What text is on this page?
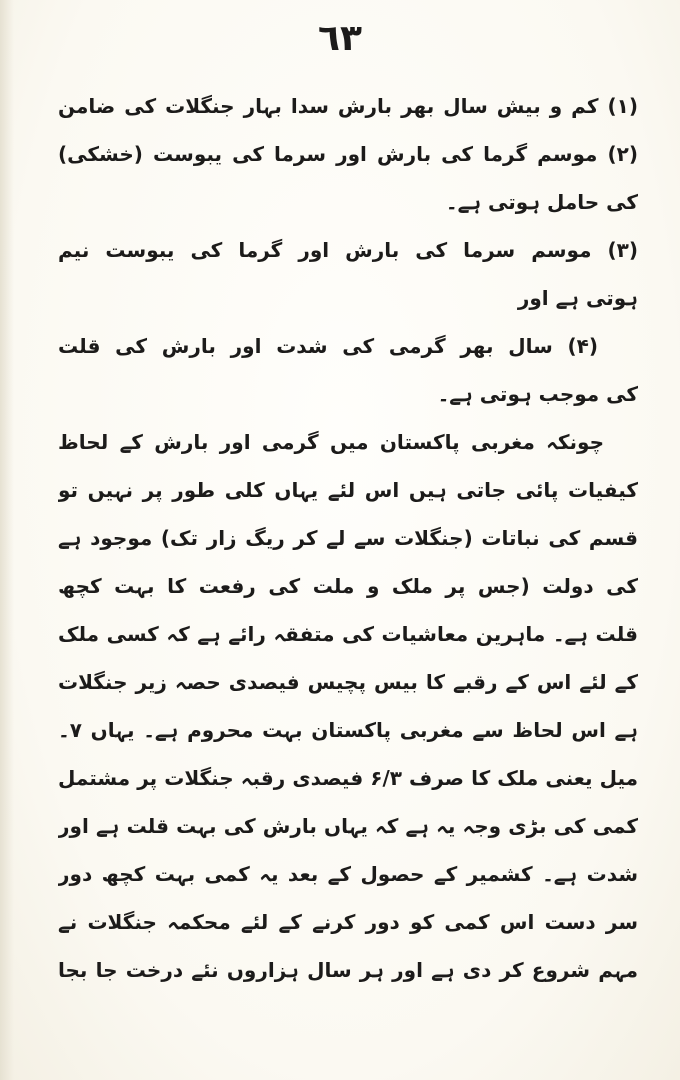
٦٣
(۱) کم و بیش سال بھر بارش سدا بہار جنگلات کی ضامن
(۲) موسم گرما کی بارش اور سرما کی یبوست (خشکی)
کی حامل ہوتی ہے۔
(۳) موسم سرما کی بارش اور گرما کی یبوست نیم
ہوتی ہے اور
(۴) سال بھر گرمی کی شدت اور بارش کی قلت
کی موجب ہوتی ہے۔
چونکہ مغربی پاکستان میں گرمی اور بارش کے لحاظ
کیفیات پائی جاتی ہیں اس لئے یہاں کلی طور پر نہیں تو
قسم کی نباتات (جنگلات سے لے کر ریگ زار تک) موجود ہے
کی دولت (جس پر ملک و ملت کی رفعت کا بہت کچھ
قلت ہے۔ ماہرین معاشیات کی متفقہ رائے ہے کہ کسی ملک
کے لئے اس کے رقبے کا بیس پچیس فیصدی حصہ زیر جنگلات
ہے اس لحاظ سے مغربی پاکستان بہت محروم ہے۔ یہاں ۷۔
میل یعنی ملک کا صرف ۶/۳ فیصدی رقبہ جنگلات پر مشتمل
کمی کی بڑی وجہ یہ ہے کہ یہاں بارش کی بہت قلت ہے اور
شدت ہے۔ کشمیر کے حصول کے بعد یہ کمی بہت کچھ دور
سر دست اس کمی کو دور کرنے کے لئے محکمہ جنگلات نے
مہم شروع کر دی ہے اور ہر سال ہزاروں نئے درخت جا بجا
